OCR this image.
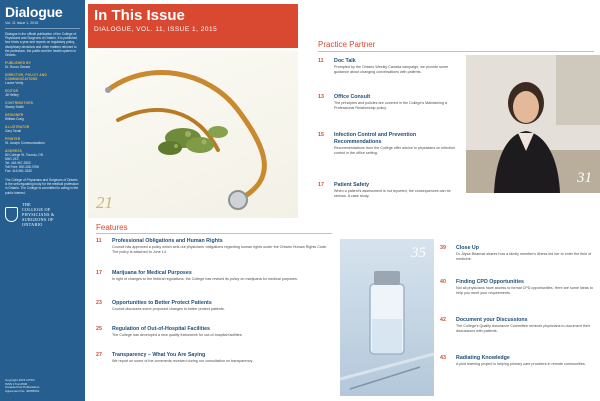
Dialogue
Vol. 11 Issue 1, 2015
Dialogue is the official publication of the College of Physicians and Surgeons of Ontario. It is published four times a year and reports on regulatory policy, disciplinary decisions and other matters relevant to the profession, the public and the health system in Ontario.
PUBLISHED BY
Dr. Rocco Gerace
DIRECTOR, POLICY AND COMMUNICATIONS
Louise Verity
EDITOR
Jill Hefley
CONTRIBUTORS
Stacey Smith
DESIGNER
William Craig
ILLUSTRATOR
Gary Taxali
PRINTER
St. Joseph Communications
ADDRESS
80 College St. Toronto, ON
M5G 2E2
Tel: 416-967-2600
Toll Free: 800-268-7096
Fax: 416-961-3330
The College of Physicians and Surgeons of Ontario is the self-regulating body for the medical profession in Ontario. The College is committed to acting in the public interest.
THE
COLLEGE OF
PHYSICIANS &
SURGEONS OF
ONTARIO
Copyright 2015 CPSO
ISSN 1712-2546
Canada Post Publications
Agreement No. 40065591
In This Issue
DIALOGUE, VOL. 11, ISSUE 1, 2015
Practice Partner
21
31
35
11	Doc Talk
Prompted by the Ontario Weekly Canada campaign, we provide some guidance about changing conversations with patients.
13	Office Consult
The principles and policies are covered in the College's Maintaining a Professional Relationship policy.
15	Infection Control and Prevention Recommendations
Recommendations from the College offer advice to physicians on infection control in the office setting.
17	Patient Safety
When a patient's assessment is not reported, the consequences can be serious. A case study.
Features
11	Professional Obligations and Human Rights
Council has approved a policy which sets out physicians' obligations regarding human rights under the Ontario Human Rights Code. The policy is attached to June 14.
17	Marijuana for Medical Purposes
In light of changes to the federal regulations, the College has revised its policy on marijuana for medical purposes.
23	Opportunities to Better Protect Patients
Council discusses some proposed changes to better protect patients.
25	Regulation of Out-of-Hospital Facilities
The College has developed a new quality framework for out-of-hospital facilities.
27	Transparency – What You Are Saying
We report on some of the comments received during our consultation on transparency.
39	Close Up
Dr. Alysa Bharmal shares how a family member's illness led her to enter the field of medicine.
40	Finding CPD Opportunities
Not all physicians have access to formal CPD opportunities. Here are some ideas to help you meet your requirements.
42	Document your Discussions
The College's Quality Assurance Committee reminds physicians to document their discussions with patients.
43	Radiating Knowledge
A pilot learning project is helping primary care providers in remote communities.
